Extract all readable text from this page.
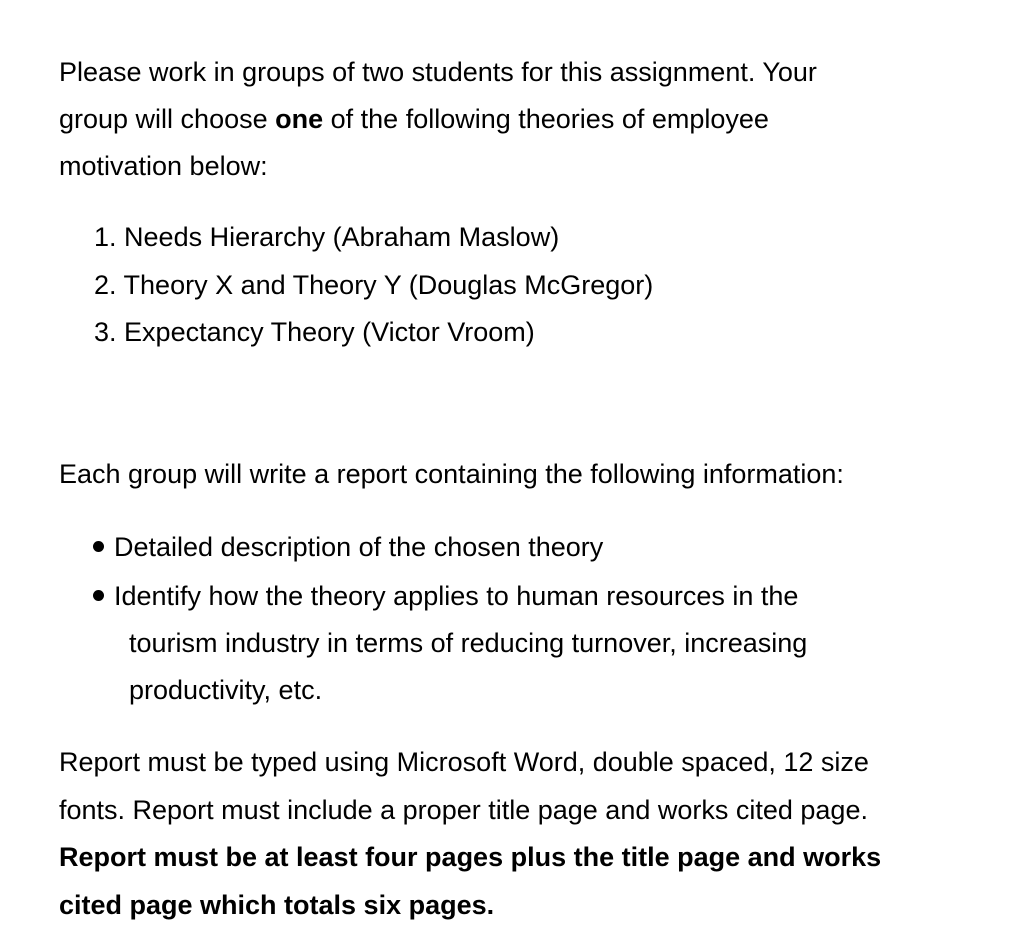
Please work in groups of two students for this assignment. Your
group will choose one of the following theories of employee
motivation below:
1. Needs Hierarchy (Abraham Maslow)
2. Theory X and Theory Y (Douglas McGregor)
3. Expectancy Theory (Victor Vroom)
Each group will write a report containing the following information:
Detailed description of the chosen theory
Identify how the theory applies to human resources in the
tourism industry in terms of reducing turnover, increasing
productivity, etc.
Report must be typed using Microsoft Word, double spaced, 12 size
fonts. Report must include a proper title page and works cited page.
Report must be at least four pages plus the title page and works
cited page which totals six pages.
